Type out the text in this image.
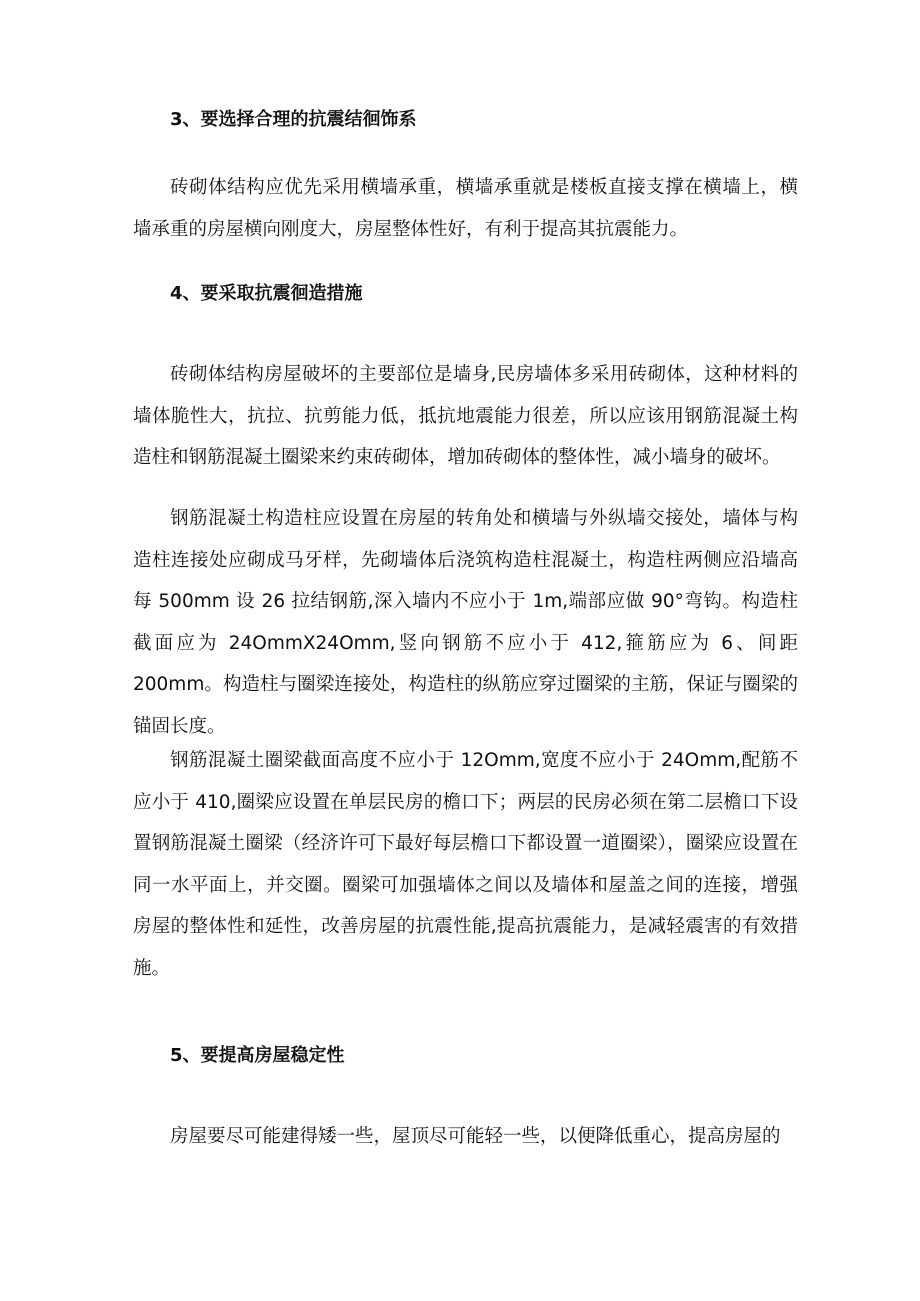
3、要选择合理的抗震结徊饰系

砖砌体结构应优先采用横墙承重，横墙承重就是楼板直接支撑在横墙上，横墙承重的房屋横向刚度大，房屋整体性好，有利于提高其抗震能力。

4、要采取抗震徊造措施

砖砌体结构房屋破坏的主要部位是墙身,民房墙体多采用砖砌体，这种材料的墙体脆性大，抗拉、抗剪能力低，抵抗地震能力很差，所以应该用钢筋混凝土构造柱和钢筋混凝土圈梁来约束砖砌体，增加砖砌体的整体性，减小墙身的破坏。

钢筋混凝土构造柱应设置在房屋的转角处和横墙与外纵墙交接处，墙体与构造柱连接处应砌成马牙样，先砌墙体后浇筑构造柱混凝土，构造柱两侧应沿墙高每 500mm 设 26 拉结钢筋,深入墙内不应小于 1m,端部应做 90°弯钩。构造柱截面应为 24OmmX24Omm,竖向钢筋不应小于 412,箍筋应为 6、间距 200mm。构造柱与圈梁连接处，构造柱的纵筋应穿过圈梁的主筋，保证与圈梁的锚固长度。

钢筋混凝土圈梁截面高度不应小于 12Omm,宽度不应小于 24Omm,配筋不应小于 410,圈梁应设置在单层民房的檐口下；两层的民房必须在第二层檐口下设置钢筋混凝土圈梁（经济许可下最好每层檐口下都设置一道圈梁），圈梁应设置在同一水平面上，并交圈。圈梁可加强墙体之间以及墙体和屋盖之间的连接，增强房屋的整体性和延性，改善房屋的抗震性能,提高抗震能力，是减轻震害的有效措施。

5、要提高房屋稳定性

房屋要尽可能建得矮一些，屋顶尽可能轻一些，以便降低重心，提高房屋的
